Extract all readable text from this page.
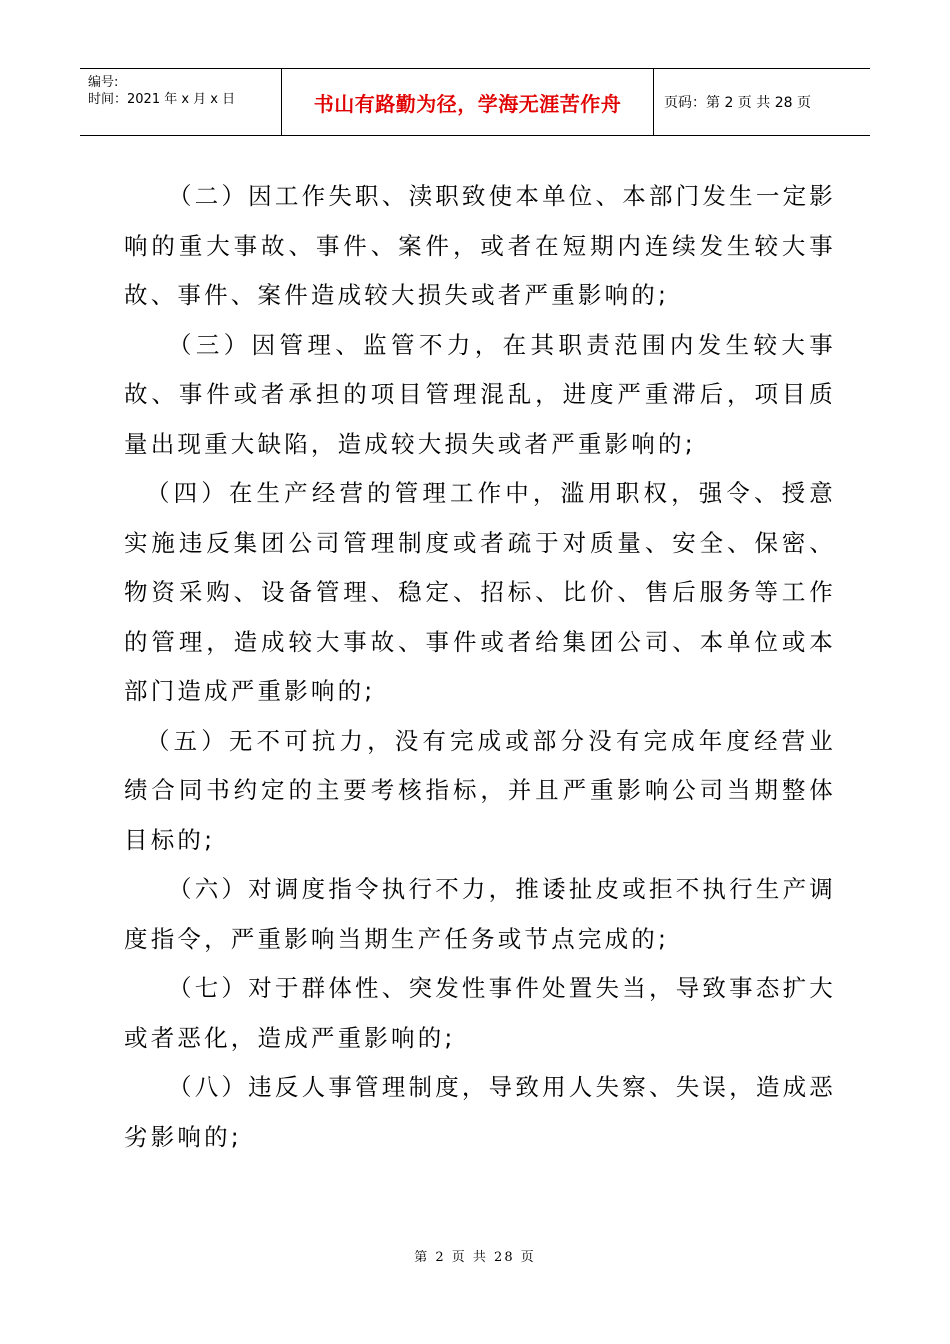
编号:
时间：2021 年 x 月 x 日	书山有路勤为径，学海无涯苦作舟	页码：第 2 页 共 28 页

（二）因工作失职、渎职致使本单位、本部门发生一定影响的重大事故、事件、案件，或者在短期内连续发生较大事故、事件、案件造成较大损失或者严重影响的;

（三）因管理、监管不力，在其职责范围内发生较大事故、事件或者承担的项目管理混乱，进度严重滞后，项目质量出现重大缺陷，造成较大损失或者严重影响的;

（四）在生产经营的管理工作中，滥用职权，强令、授意实施违反集团公司管理制度或者疏于对质量、安全、保密、物资采购、设备管理、稳定、招标、比价、售后服务等工作的管理，造成较大事故、事件或者给集团公司、本单位或本部门造成严重影响的;

（五）无不可抗力，没有完成或部分没有完成年度经营业绩合同书约定的主要考核指标，并且严重影响公司当期整体目标的;

（六）对调度指令执行不力，推诿扯皮或拒不执行生产调度指令，严重影响当期生产任务或节点完成的;

（七）对于群体性、突发性事件处置失当，导致事态扩大或者恶化，造成严重影响的;

（八）违反人事管理制度，导致用人失察、失误，造成恶劣影响的;

第 2 页 共 28 页
